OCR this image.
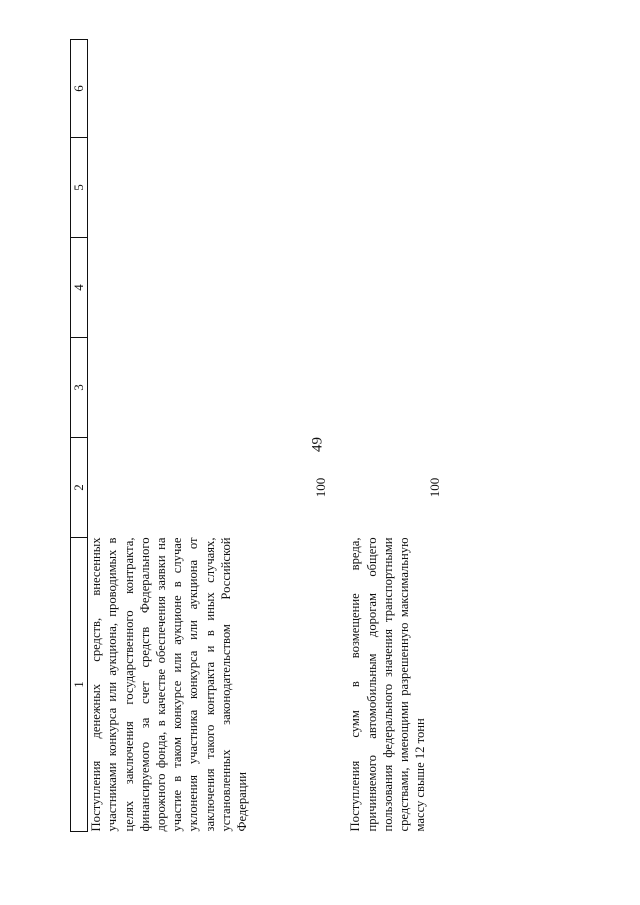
49
1	2	3	4	5	6
Поступления денежных средств, внесенных участниками конкурса или аукциона, проводимых в целях заключения государственного контракта, финансируемого за счет средств Федерального дорожного фонда, в качестве обеспечения заявки на участие в таком конкурсе или аукционе в случае уклонения участника конкурса или аукциона от заключения такого контракта и в иных случаях, установленных законодательством Российской Федерации	100				

Поступления сумм в возмещение вреда, причиняемого автомобильным дорогам общего пользования федерального значения транспортными средствами, имеющими разрешенную максимальную массу свыше 12 тонн	100				
